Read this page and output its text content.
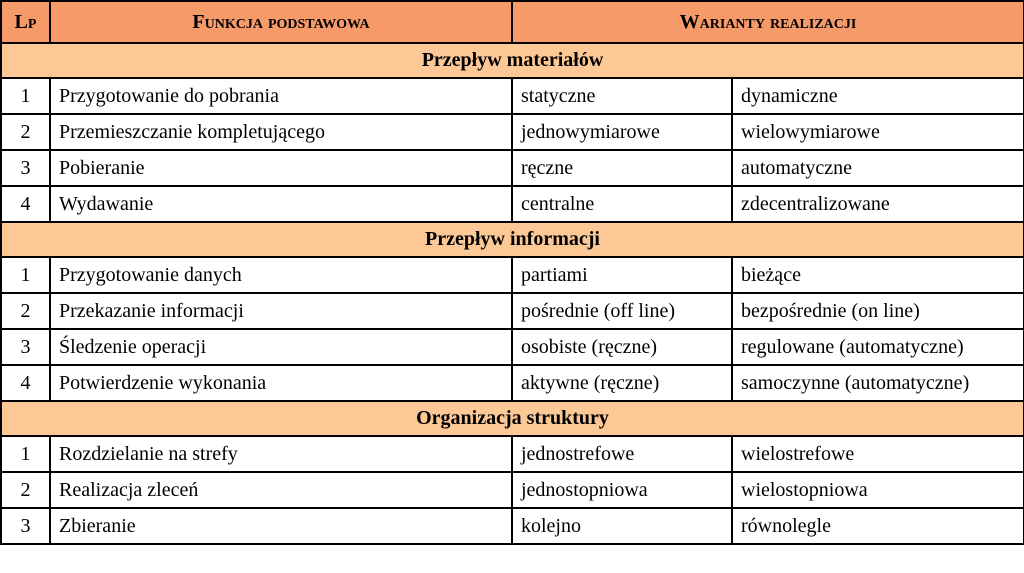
Lp	Funkcja podstawowa	Warianty realizacji	
Przepływ materiałów			
1	Przygotowanie do pobrania	statyczne	dynamiczne
2	Przemieszczanie kompletującego	jednowymiarowe	wielowymiarowe
3	Pobieranie	ręczne	automatyczne
4	Wydawanie	centralne	zdecentralizowane
Przepływ informacji			
1	Przygotowanie danych	partiami	bieżące
2	Przekazanie informacji	pośrednie (off line)	bezpośrednie (on line)
3	Śledzenie operacji	osobiste (ręczne)	regulowane (automatyczne)
4	Potwierdzenie wykonania	aktywne (ręczne)	samoczynne (automatyczne)
Organizacja struktury			
1	Rozdzielanie na strefy	jednostrefowe	wielostrefowe
2	Realizacja zleceń	jednostopniowa	wielostopniowa
3	Zbieranie	kolejno	równolegle
